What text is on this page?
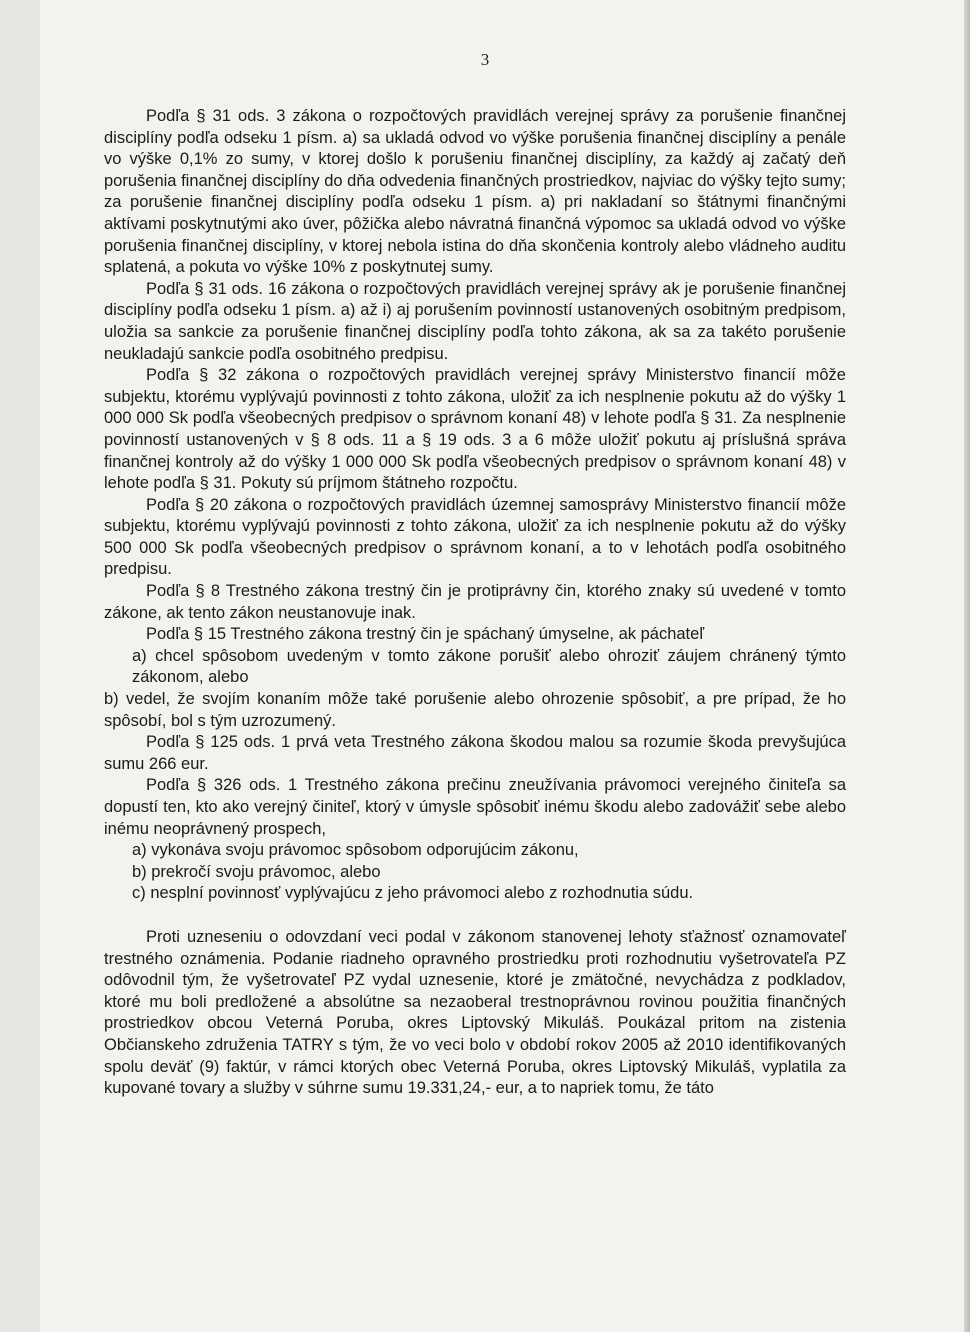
3

Podľa § 31 ods. 3 zákona o rozpočtových pravidlách verejnej správy za porušenie finančnej disciplíny podľa odseku 1 písm. a) sa ukladá odvod vo výške porušenia finančnej disciplíny a penále vo výške 0,1% zo sumy, v ktorej došlo k porušeniu finančnej disciplíny, za každý aj začatý deň porušenia finančnej disciplíny do dňa odvedenia finančných prostriedkov, najviac do výšky tejto sumy; za porušenie finančnej disciplíny podľa odseku 1 písm. a) pri nakladaní so štátnymi finančnými aktívami poskytnutými ako úver, pôžička alebo návratná finančná výpomoc sa ukladá odvod vo výške porušenia finančnej disciplíny, v ktorej nebola istina do dňa skončenia kontroly alebo vládneho auditu splatená, a pokuta vo výške 10% z poskytnutej sumy.

Podľa § 31 ods. 16 zákona o rozpočtových pravidlách verejnej správy ak je porušenie finančnej disciplíny podľa odseku 1 písm. a) až i) aj porušením povinností ustanovených osobitným predpisom, uložia sa sankcie za porušenie finančnej disciplíny podľa tohto zákona, ak sa za takéto porušenie neukladajú sankcie podľa osobitného predpisu.

Podľa § 32 zákona o rozpočtových pravidlách verejnej správy Ministerstvo financií môže subjektu, ktorému vyplývajú povinnosti z tohto zákona, uložiť za ich nesplnenie pokutu až do výšky 1 000 000 Sk podľa všeobecných predpisov o správnom konaní 48) v lehote podľa § 31. Za nesplnenie povinností ustanovených v § 8 ods. 11 a § 19 ods. 3 a 6 môže uložiť pokutu aj príslušná správa finančnej kontroly až do výšky 1 000 000 Sk podľa všeobecných predpisov o správnom konaní 48) v lehote podľa § 31. Pokuty sú príjmom štátneho rozpočtu.

Podľa § 20 zákona o rozpočtových pravidlách územnej samosprávy Ministerstvo financií môže subjektu, ktorému vyplývajú povinnosti z tohto zákona, uložiť za ich nesplnenie pokutu až do výšky 500 000 Sk podľa všeobecných predpisov o správnom konaní, a to v lehotách podľa osobitného predpisu.

Podľa § 8 Trestného zákona trestný čin je protiprávny čin, ktorého znaky sú uvedené v tomto zákone, ak tento zákon neustanovuje inak.

Podľa § 15 Trestného zákona trestný čin je spáchaný úmyselne, ak páchateľ

a) chcel spôsobom uvedeným v tomto zákone porušiť alebo ohroziť záujem chránený týmto zákonom, alebo

b) vedel, že svojím konaním môže také porušenie alebo ohrozenie spôsobiť, a pre prípad, že ho spôsobí, bol s tým uzrozumený.

Podľa § 125 ods. 1 prvá veta Trestného zákona škodou malou sa rozumie škoda prevyšujúca sumu 266 eur.

Podľa § 326 ods. 1 Trestného zákona prečinu zneužívania právomoci verejného činiteľa sa dopustí ten, kto ako verejný činiteľ, ktorý v úmysle spôsobiť inému škodu alebo zadovážiť sebe alebo inému neoprávnený prospech,

a) vykonáva svoju právomoc spôsobom odporujúcim zákonu,

b) prekročí svoju právomoc, alebo

c) nesplní povinnosť vyplývajúcu z jeho právomoci alebo z rozhodnutia súdu.

Proti uzneseniu o odovzdaní veci podal v zákonom stanovenej lehoty sťažnosť oznamovateľ trestného oznámenia. Podanie riadneho opravného prostriedku proti rozhodnutiu vyšetrovateľa PZ odôvodnil tým, že vyšetrovateľ PZ vydal uznesenie, ktoré je zmätočné, nevychádza z podkladov, ktoré mu boli predložené a absolútne sa nezaoberal trestnoprávnou rovinou použitia finančných prostriedkov obcou Veterná Poruba, okres Liptovský Mikuláš. Poukázal pritom na zistenia Občianskeho združenia TATRY s tým, že vo veci bolo v období rokov 2005 až 2010 identifikovaných spolu deväť (9) faktúr, v rámci ktorých obec Veterná Poruba, okres Liptovský Mikuláš, vyplatila za kupované tovary a služby v súhrne sumu 19.331,24,- eur, a to napriek tomu, že táto
